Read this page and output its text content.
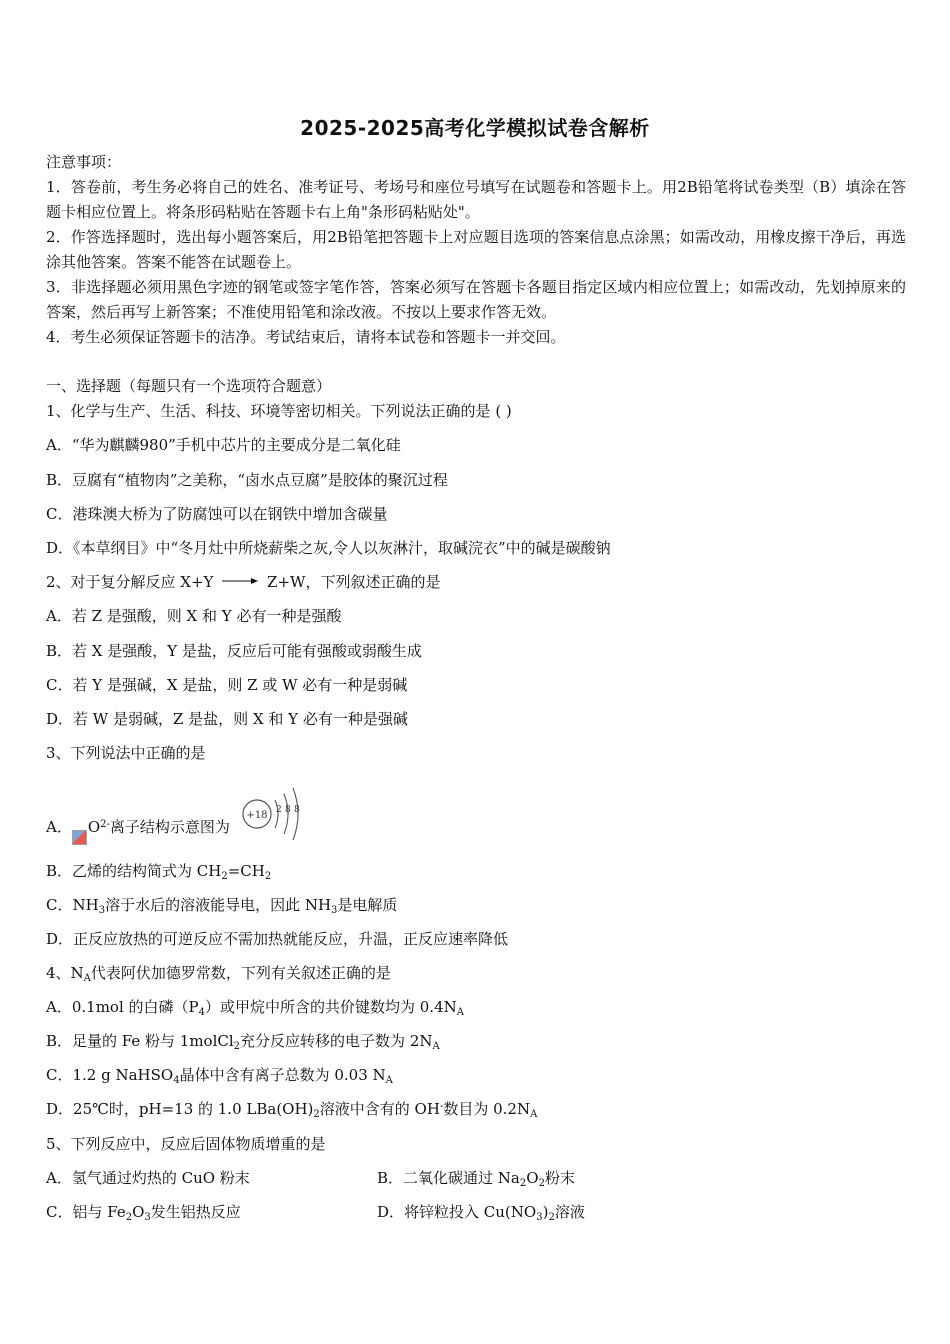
2025-2025高考化学模拟试卷含解析

注意事项：

1．答卷前，考生务必将自己的姓名、准考证号、考场号和座位号填写在试题卷和答题卡上。用2B铅笔将试卷类型（B）填涂在答题卡相应位置上。将条形码粘贴在答题卡右上角"条形码粘贴处"。

2．作答选择题时，选出每小题答案后，用2B铅笔把答题卡上对应题目选项的答案信息点涂黑；如需改动，用橡皮擦干净后，再选涂其他答案。答案不能答在试题卷上。

3．非选择题必须用黑色字迹的钢笔或签字笔作答，答案必须写在答题卡各题目指定区域内相应位置上；如需改动，先划掉原来的答案，然后再写上新答案；不准使用铅笔和涂改液。不按以上要求作答无效。

4．考生必须保证答题卡的洁净。考试结束后，请将本试卷和答题卡一并交回。

一、选择题（每题只有一个选项符合题意）
1、化学与生产、生活、科技、环境等密切相关。下列说法正确的是 ( )
A．“华为麒麟980”手机中芯片的主要成分是二氧化硅
B．豆腐有“植物肉”之美称，“卤水点豆腐”是胶体的聚沉过程
C．港珠澳大桥为了防腐蚀可以在钢铁中增加含碳量
D．《本草纲目》中“冬月灶中所烧薪柴之灰,令人以灰淋汁，取碱浣衣”中的碱是碳酸钠
2、对于复分解反应 X+Y → Z+W，下列叙述正确的是
A．若 Z 是强酸，则 X 和 Y 必有一种是强酸
B．若 X 是强酸，Y 是盐，反应后可能有强酸或弱酸生成
C．若 Y 是强碱，X 是盐，则 Z 或 W 必有一种是弱碱
D．若 W 是弱碱，Z 是盐，则 X 和 Y 必有一种是强碱
3、下列说法中正确的是
A． $O^{2-}$离子结构示意图为
+18 2 8 8
B．乙烯的结构简式为 $CH_2=CH_2$
C．$NH_3$溶于水后的溶液能导电，因此 $NH_3$是电解质
D．正反应放热的可逆反应不需加热就能反应，升温，正反应速率降低
4、$N_A$代表阿伏加德罗常数，下列有关叙述正确的是
A．0.1mol 的白磷$(P_4)$或甲烷中所含的共价键数均为 $0.4N_A$
B．足量的 Fe 粉与 1molCl$_2$充分反应转移的电子数为 $2N_A$
C．1.2 g NaHSO$_4$晶体中含有离子总数为 0.03 $N_A$
D．25℃时，pH=13 的 1.0 $LBa(OH)_2$溶液中含有的 OH-数目为 $0.2N_A$
5、下列反应中，反应后固体物质增重的是
A．氢气通过灼热的 CuO 粉末	B．二氧化碳通过 $Na_2O_2$粉末
C．铝与 $Fe_2O_3$发生铝热反应	D．将锌粒投入 $Cu(NO_3)_2$溶液
